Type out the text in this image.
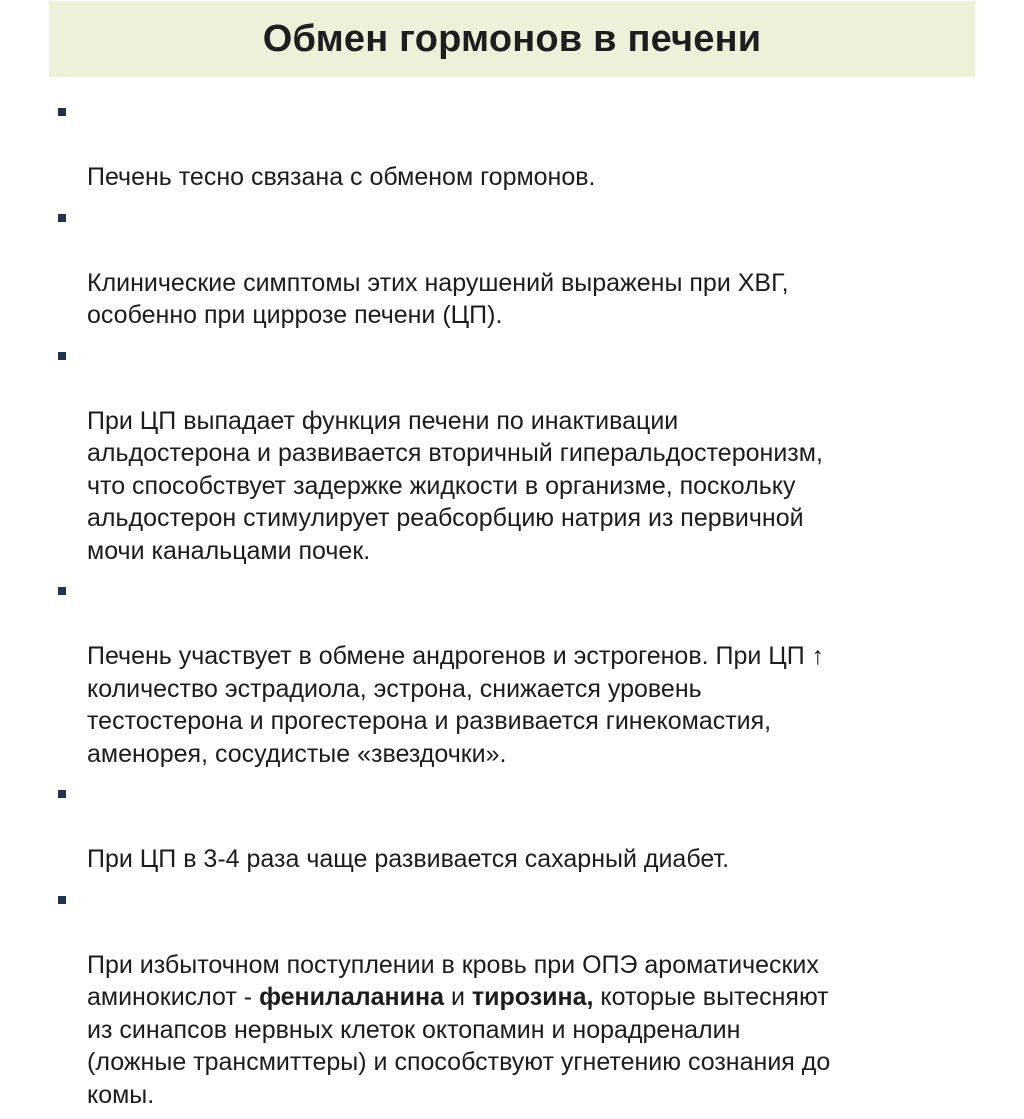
Обмен гормонов в печени

Печень тесно связана с обменом гормонов.

Клинические симптомы этих нарушений выражены при ХВГ,
особенно при циррозе печени (ЦП).

При ЦП выпадает функция печени по инактивации
альдостерона и развивается вторичный гиперальдостеронизм,
что способствует задержке жидкости в организме, поскольку
альдостерон стимулирует реабсорбцию натрия из первичной
мочи канальцами почек.

Печень участвует в обмене андрогенов и эстрогенов. При ЦП ↑
количество эстрадиола, эстрона, снижается уровень
тестостерона и прогестерона и развивается гинекомастия,
аменорея, сосудистые «звездочки».

При ЦП в 3-4 раза чаще развивается сахарный диабет.

При избыточном поступлении в кровь при ОПЭ ароматических
аминокислот - фенилаланина и тирозина, которые вытесняют
из синапсов нервных клеток октопамин и норадреналин
(ложные трансмиттеры) и способствуют угнетению сознания до
комы.
